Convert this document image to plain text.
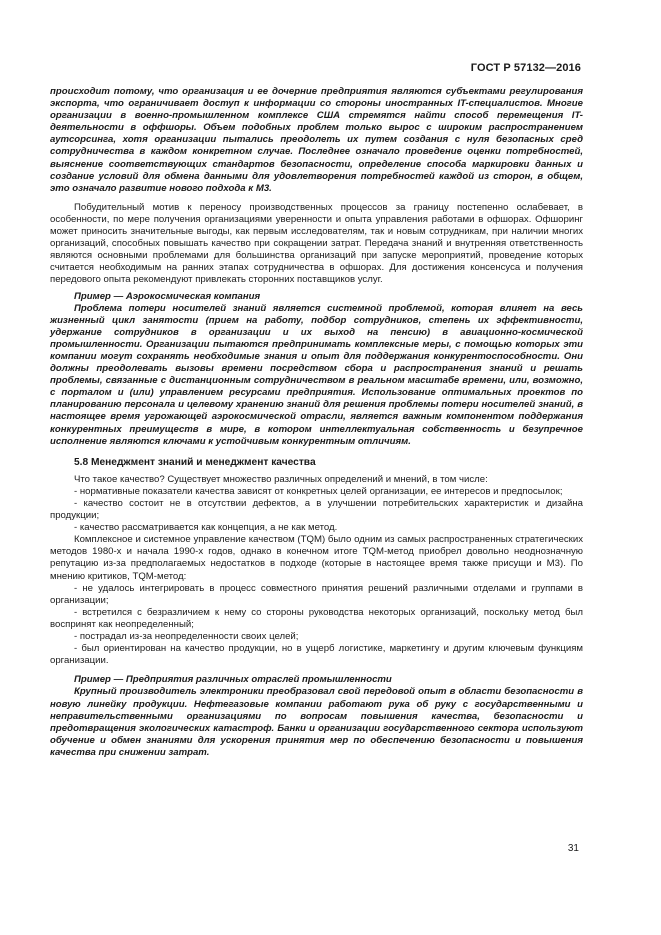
ГОСТ Р 57132—2016

происходит потому, что организация и ее дочерние предприятия являются субъектами регулирования экспорта, что ограничивает доступ к информации со стороны иностранных IT-специалистов. Многие организации в военно-промышленном комплексе США стремятся найти способ перемещения IT-деятельности в оффшоры. Объем подобных проблем только вырос с широким распространением аутсорсинга, хотя организации пытались преодолеть их путем создания с нуля безопасных сред сотрудничества в каждом конкретном случае. Последнее означало проведение оценки потребностей, выяснение соответствующих стандартов безопасности, определение способа маркировки данных и создание условий для обмена данными для удовлетворения потребностей каждой из сторон, в общем, это означало развитие нового подхода к М3.

Побудительный мотив к переносу производственных процессов за границу постепенно ослабевает, в особенности, по мере получения организациями уверенности и опыта управления работами в офшорах. Офшоринг может приносить значительные выгоды, как первым исследователям, так и новым сотрудникам, при наличии многих организаций, способных повышать качество при сокращении затрат. Передача знаний и внутренняя ответственность являются основными проблемами для большинства организаций при запуске мероприятий, проведение которых считается необходимым на ранних этапах сотрудничества в офшорах. Для достижения консенсуса и получения передового опыта рекомендуют привлекать сторонних поставщиков услуг.

Пример — Аэрокосмическая компания

Проблема потери носителей знаний является системной проблемой, которая влияет на весь жизненный цикл занятости (прием на работу, подбор сотрудников, степень их эффективности, удержание сотрудников в организации и их выход на пенсию) в авиационно-космической промышленности. Организации пытаются предпринимать комплексные меры, с помощью которых эти компании могут сохранять необходимые знания и опыт для поддержания конкурентоспособности. Они должны преодолевать вызовы времени посредством сбора и распространения знаний и решать проблемы, связанные с дистанционным сотрудничеством в реальном масштабе времени, или, возможно, с порталом и (или) управлением ресурсами предприятия. Использование оптимальных проектов по планированию персонала и целевому хранению знаний для решения проблемы потери носителей знаний, в настоящее время угрожающей аэрокосмической отрасли, является важным компонентом поддержания конкурентных преимуществ в мире, в котором интеллектуальная собственность и безупречное исполнение являются ключами к устойчивым конкурентным отличиям.

5.8 Менеджмент знаний и менеджмент качества

Что такое качество? Существует множество различных определений и мнений, в том числе:

- нормативные показатели качества зависят от конкретных целей организации, ее интересов и предпосылок;

- качество состоит не в отсутствии дефектов, а в улучшении потребительских характеристик и дизайна продукции;

- качество рассматривается как концепция, а не как метод.

Комплексное и системное управление качеством (TQM) было одним из самых распространенных стратегических методов 1980-х и начала 1990-х годов, однако в конечном итоге TQM-метод приобрел довольно неоднозначную репутацию из-за предполагаемых недостатков в подходе (которые в настоящее время также присущи и М3). По мнению критиков, TQM-метод:

- не удалось интегрировать в процесс совместного принятия решений различными отделами и группами в организации;

- встретился с безразличием к нему со стороны руководства некоторых организаций, поскольку метод был воспринят как неопределенный;

- пострадал из-за неопределенности своих целей;

- был ориентирован на качество продукции, но в ущерб логистике, маркетингу и другим ключевым функциям организации.

Пример — Предприятия различных отраслей промышленности

Крупный производитель электроники преобразовал свой передовой опыт в области безопасности в новую линейку продукции. Нефтегазовые компании работают рука об руку с государственными и неправительственными организациями по вопросам повышения качества, безопасности и предотвращения экологических катастроф. Банки и организации государственного сектора используют обучение и обмен знаниями для ускорения принятия мер по обеспечению безопасности и повышения качества при снижении затрат.

31
